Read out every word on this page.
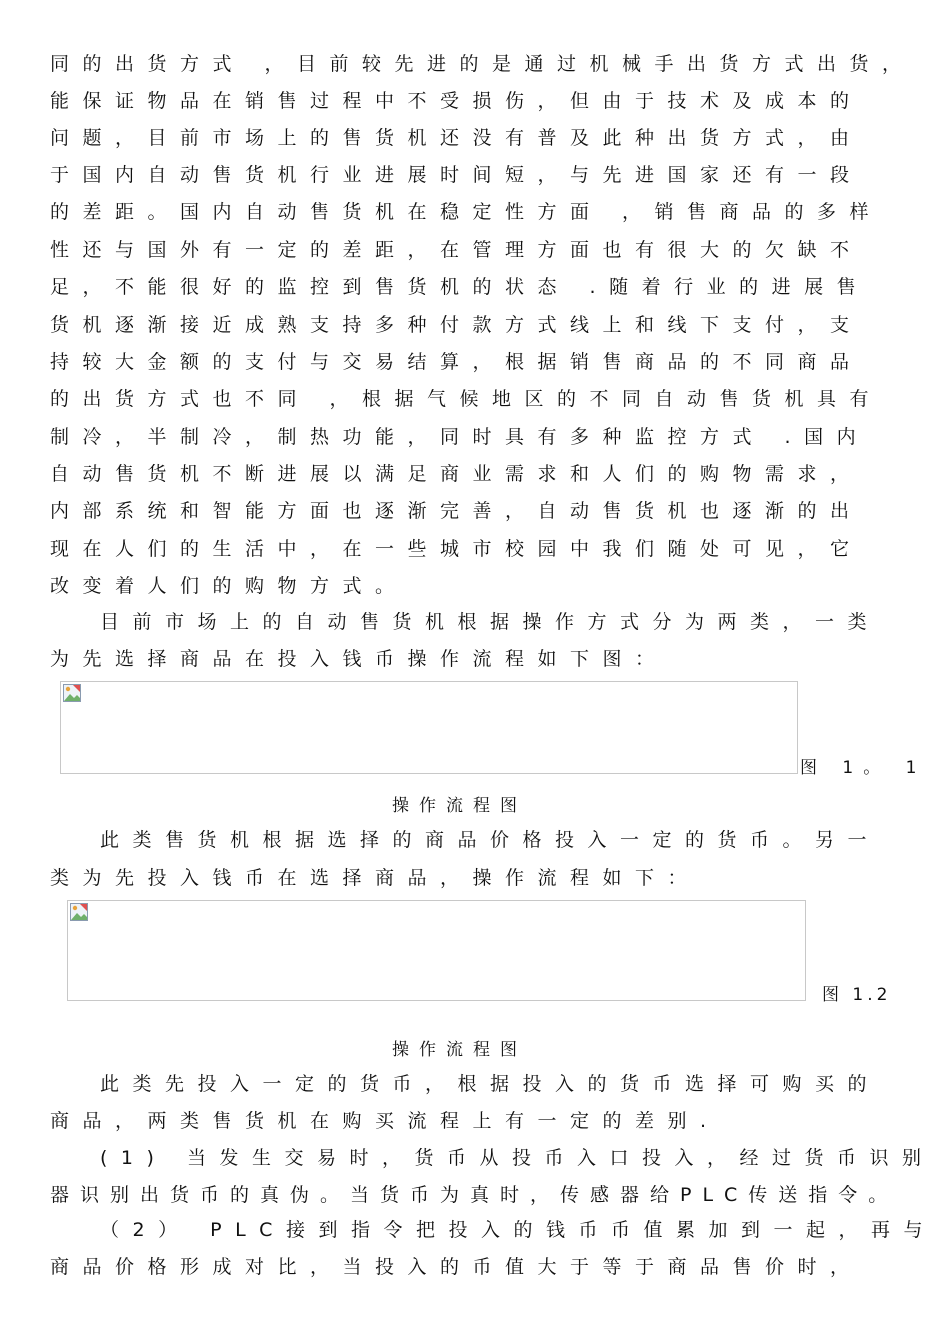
同的出货方式 ，目前较先进的是通过机械手出货方式出货，
能保证物品在销售过程中不受损伤，但由于技术及成本的
问题，目前市场上的售货机还没有普及此种出货方式，由
于国内自动售货机行业进展时间短，与先进国家还有一段
的差距。国内自动售货机在稳定性方面 ，销售商品的多样
性还与国外有一定的差距，在管理方面也有很大的欠缺不
足，不能很好的监控到售货机的状态 .随着行业的进展售
货机逐渐接近成熟支持多种付款方式线上和线下支付，支
持较大金额的支付与交易结算，根据销售商品的不同商品
的出货方式也不同 ，根据气候地区的不同自动售货机具有
制冷，半制冷，制热功能，同时具有多种监控方式 .国内
自动售货机不断进展以满足商业需求和人们的购物需求，
内部系统和智能方面也逐渐完善，自动售货机也逐渐的出
现在人们的生活中，在一些城市校园中我们随处可见，它
改变着人们的购物方式。
目前市场上的自动售货机根据操作方式分为两类，一类
为先选择商品在投入钱币操作流程如下图：
图 1。 1
操作流程图
此类售货机根据选择的商品价格投入一定的货币。另一
类为先投入钱币在选择商品，操作流程如下：
图 1.2
操作流程图
此类先投入一定的货币，根据投入的货币选择可购买的
商品，两类售货机在购买流程上有一定的差别.
(1) 当发生交易时，货币从投币入口投入，经过货币识别
器识别出货币的真伪。当货币为真时，传感器给PLC传送指令。
（2） PLC接到指令把投入的钱币币值累加到一起，再与
商品价格形成对比，当投入的币值大于等于商品售价时，
